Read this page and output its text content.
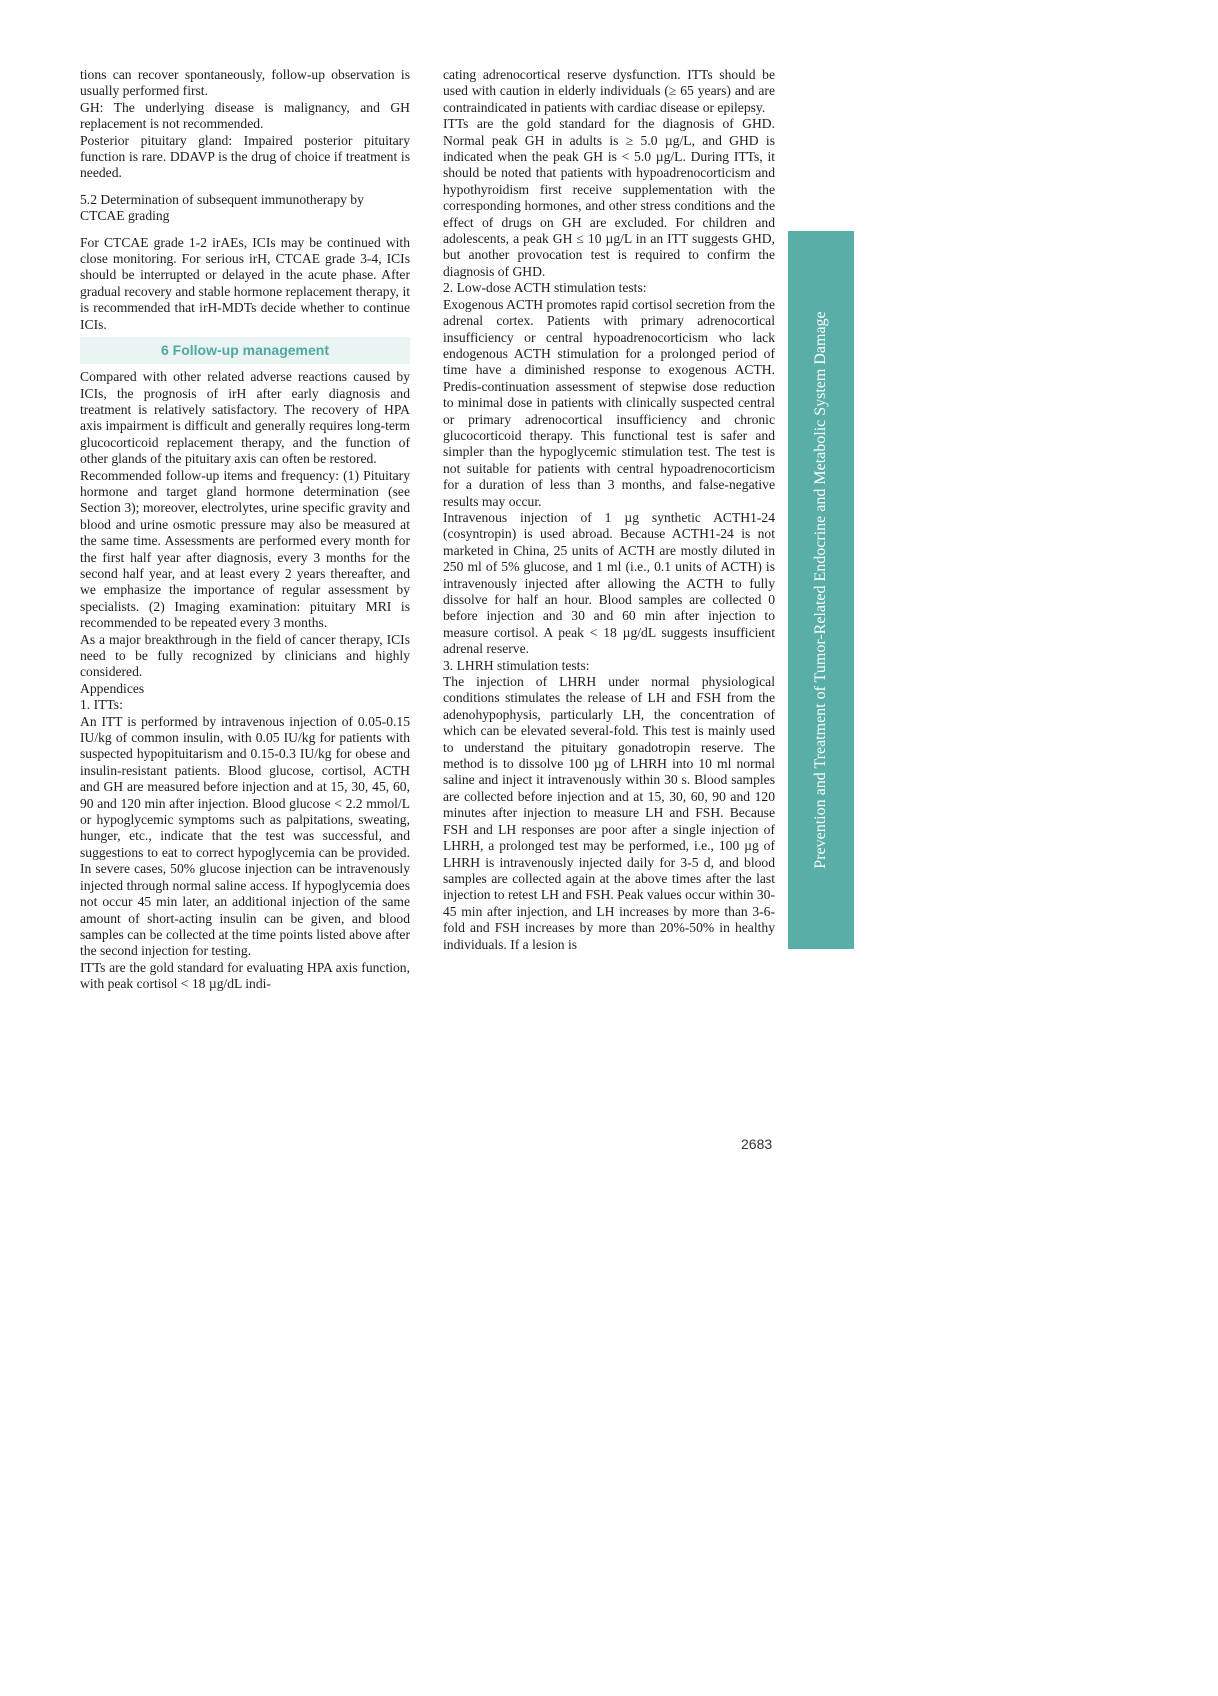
tions can recover spontaneously, follow-up observation is usually performed first.

GH: The underlying disease is malignancy, and GH replacement is not recommended.

Posterior pituitary gland: Impaired posterior pituitary function is rare. DDAVP is the drug of choice if treatment is needed.

5.2 Determination of subsequent immunotherapy by CTCAE grading

For CTCAE grade 1-2 irAEs, ICIs may be continued with close monitoring. For serious irH, CTCAE grade 3-4, ICIs should be interrupted or delayed in the acute phase. After gradual recovery and stable hormone replacement therapy, it is recommended that irH-MDTs decide whether to continue ICIs.

6 Follow-up management

Compared with other related adverse reactions caused by ICIs, the prognosis of irH after early diagnosis and treatment is relatively satisfactory. The recovery of HPA axis impairment is difficult and generally requires long-term glucocorticoid replacement therapy, and the function of other glands of the pituitary axis can often be restored.

Recommended follow-up items and frequency: (1) Pituitary hormone and target gland hormone determination (see Section 3); moreover, electrolytes, urine specific gravity and blood and urine osmotic pressure may also be measured at the same time. Assessments are performed every month for the first half year after diagnosis, every 3 months for the second half year, and at least every 2 years thereafter, and we emphasize the importance of regular assessment by specialists. (2) Imaging examination: pituitary MRI is recommended to be repeated every 3 months.

As a major breakthrough in the field of cancer therapy, ICIs need to be fully recognized by clinicians and highly considered.

Appendices

1. ITTs:

An ITT is performed by intravenous injection of 0.05-0.15 IU/kg of common insulin, with 0.05 IU/kg for patients with suspected hypopituitarism and 0.15-0.3 IU/kg for obese and insulin-resistant patients. Blood glucose, cortisol, ACTH and GH are measured before injection and at 15, 30, 45, 60, 90 and 120 min after injection. Blood glucose < 2.2 mmol/L or hypoglycemic symptoms such as palpitations, sweating, hunger, etc., indicate that the test was successful, and suggestions to eat to correct hypoglycemia can be provided. In severe cases, 50% glucose injection can be intravenously injected through normal saline access. If hypoglycemia does not occur 45 min later, an additional injection of the same amount of short-acting insulin can be given, and blood samples can be collected at the time points listed above after the second injection for testing.

ITTs are the gold standard for evaluating HPA axis function, with peak cortisol < 18 µg/dL indi-

cating adrenocortical reserve dysfunction. ITTs should be used with caution in elderly individuals (≥ 65 years) and are contraindicated in patients with cardiac disease or epilepsy.

ITTs are the gold standard for the diagnosis of GHD. Normal peak GH in adults is ≥ 5.0 µg/L, and GHD is indicated when the peak GH is < 5.0 µg/L. During ITTs, it should be noted that patients with hypoadrenocorticism and hypothyroidism first receive supplementation with the corresponding hormones, and other stress conditions and the effect of drugs on GH are excluded. For children and adolescents, a peak GH ≤ 10 µg/L in an ITT suggests GHD, but another provocation test is required to confirm the diagnosis of GHD.

2. Low-dose ACTH stimulation tests:

Exogenous ACTH promotes rapid cortisol secretion from the adrenal cortex. Patients with primary adrenocortical insufficiency or central hypoadrenocorticism who lack endogenous ACTH stimulation for a prolonged period of time have a diminished response to exogenous ACTH. Predis-continuation assessment of stepwise dose reduction to minimal dose in patients with clinically suspected central or primary adrenocortical insufficiency and chronic glucocorticoid therapy. This functional test is safer and simpler than the hypoglycemic stimulation test. The test is not suitable for patients with central hypoadrenocorticism for a duration of less than 3 months, and false-negative results may occur.

Intravenous injection of 1 µg synthetic ACTH1-24 (cosyntropin) is used abroad. Because ACTH1-24 is not marketed in China, 25 units of ACTH are mostly diluted in 250 ml of 5% glucose, and 1 ml (i.e., 0.1 units of ACTH) is intravenously injected after allowing the ACTH to fully dissolve for half an hour. Blood samples are collected 0 before injection and 30 and 60 min after injection to measure cortisol. A peak < 18 µg/dL suggests insufficient adrenal reserve.

3. LHRH stimulation tests:

The injection of LHRH under normal physiological conditions stimulates the release of LH and FSH from the adenohypophysis, particularly LH, the concentration of which can be elevated several-fold. This test is mainly used to understand the pituitary gonadotropin reserve. The method is to dissolve 100 µg of LHRH into 10 ml normal saline and inject it intravenously within 30 s. Blood samples are collected before injection and at 15, 30, 60, 90 and 120 minutes after injection to measure LH and FSH. Because FSH and LH responses are poor after a single injection of LHRH, a prolonged test may be performed, i.e., 100 µg of LHRH is intravenously injected daily for 3-5 d, and blood samples are collected again at the above times after the last injection to retest LH and FSH. Peak values occur within 30-45 min after injection, and LH increases by more than 3-6-fold and FSH increases by more than 20%-50% in healthy individuals. If a lesion is

Prevention and Treatment of Tumor-Related Endocrine and Metabolic System Damage
2683
